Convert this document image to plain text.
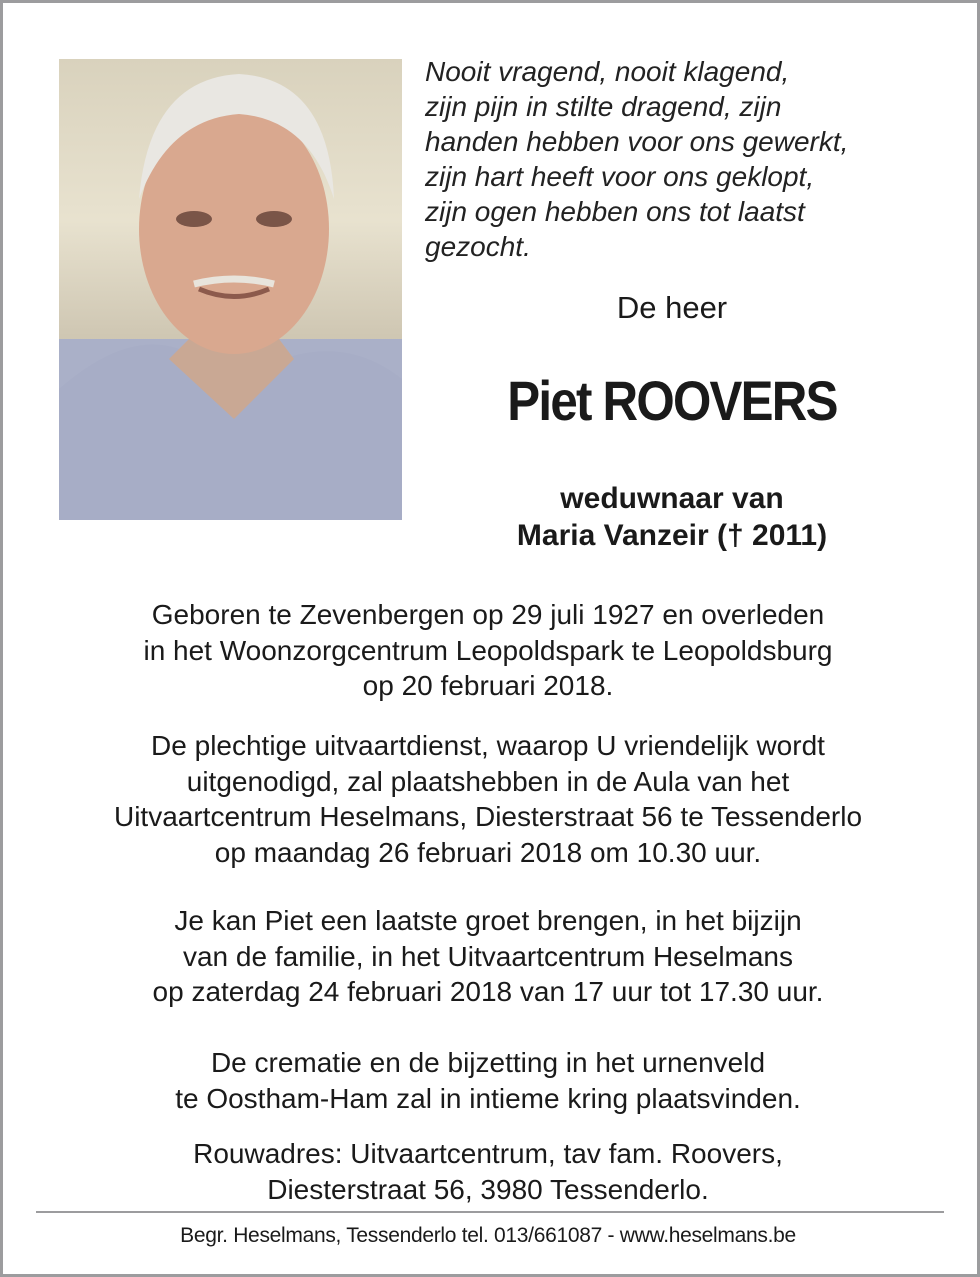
Nooit vragend, nooit klagend,
zijn pijn in stilte dragend, zijn
handen hebben voor ons gewerkt,
zijn hart heeft voor ons geklopt,
zijn ogen hebben ons tot laatst
gezocht.
De heer
Piet ROOVERS
weduwnaar van
Maria Vanzeir († 2011)
Geboren te Zevenbergen op 29 juli 1927 en overleden
in het Woonzorgcentrum Leopoldspark te Leopoldsburg
op 20 februari 2018.
De plechtige uitvaartdienst, waarop U vriendelijk wordt
uitgenodigd, zal plaatshebben in de Aula van het
Uitvaartcentrum Heselmans, Diesterstraat 56 te Tessenderlo
op maandag 26 februari 2018 om 10.30 uur.
Je kan Piet een laatste groet brengen, in het bijzijn
van de familie, in het Uitvaartcentrum Heselmans
op zaterdag 24 februari 2018 van 17 uur tot 17.30 uur.
De crematie en de bijzetting in het urnenveld
te Oostham-Ham zal in intieme kring plaatsvinden.
Rouwadres: Uitvaartcentrum, tav fam. Roovers,
Diesterstraat 56, 3980 Tessenderlo.
Begr. Heselmans, Tessenderlo tel. 013/661087 - www.heselmans.be
